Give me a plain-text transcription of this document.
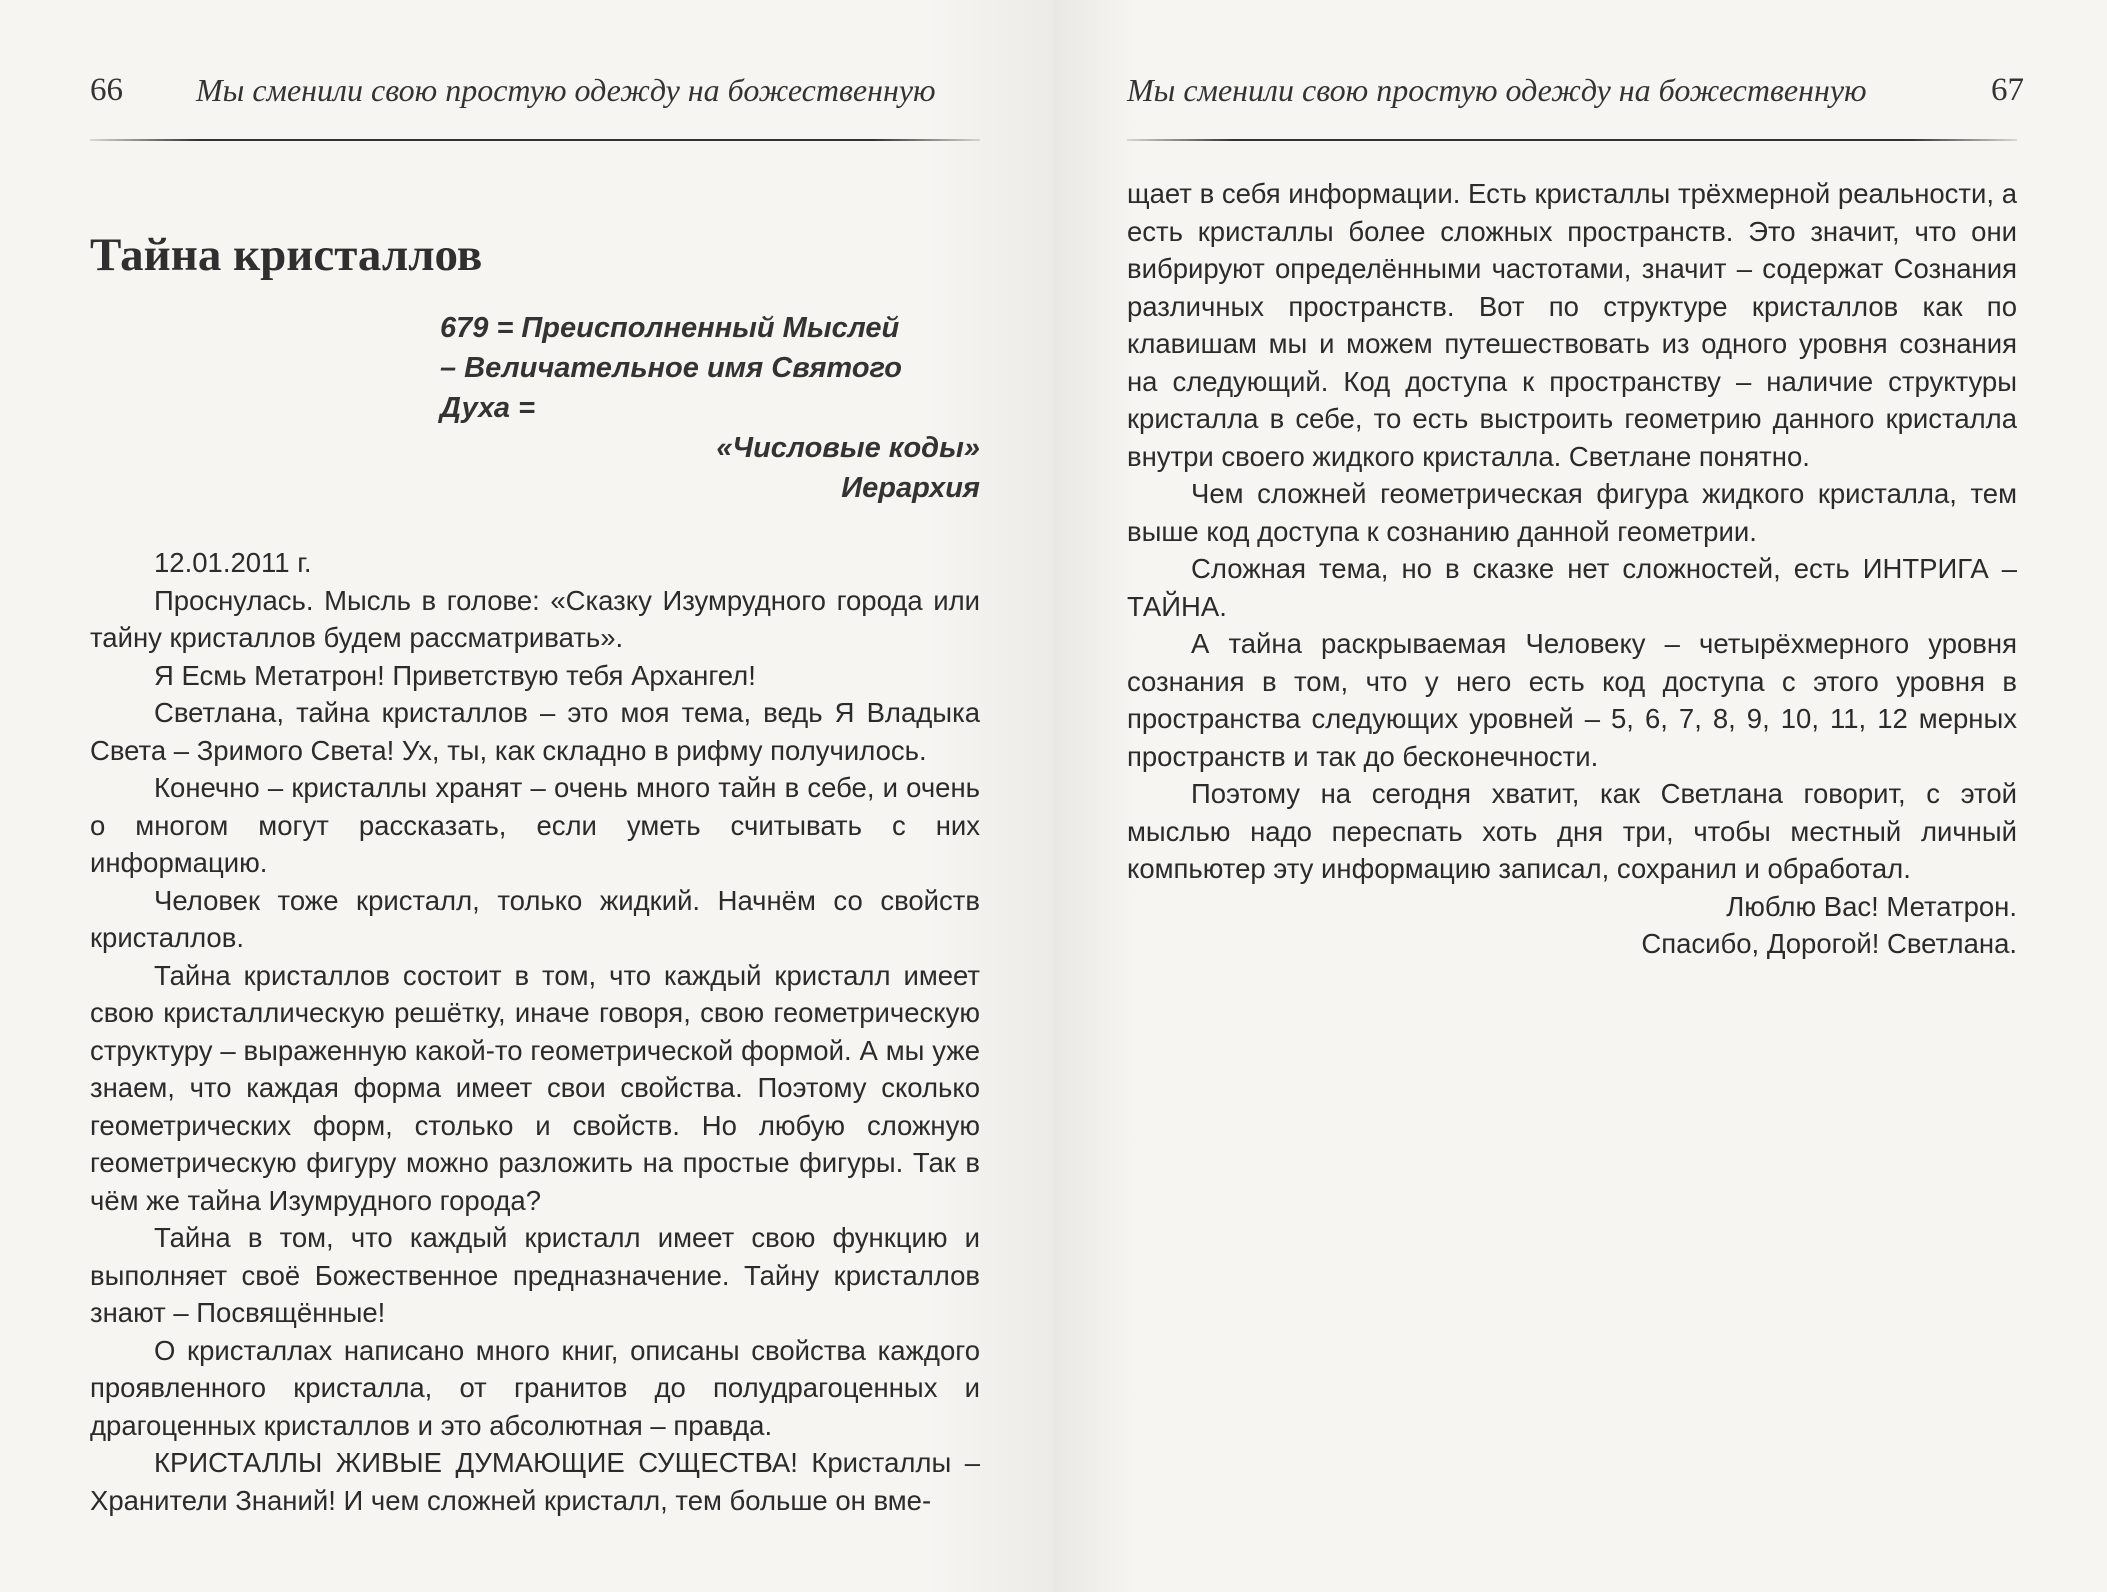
66 Мы сменили свою простую одежду на божественную
Тайна кристаллов
679 = Преисполненный Мыслей
– Величательное имя Святого
Духа =
«Числовые коды»
Иерархия

12.01.2011 г.

Проснулась. Мысль в голове: «Сказку Изумрудного города или тайну кристаллов будем рассматривать».

Я Есмь Метатрон! Приветствую тебя Архангел!

Светлана, тайна кристаллов – это моя тема, ведь Я Владыка Света – Зримого Света! Ух, ты, как складно в рифму получилось.

Конечно – кристаллы хранят – очень много тайн в себе, и очень о многом могут рассказать, если уметь считывать с них информацию.

Человек тоже кристалл, только жидкий. Начнём со свойств кристаллов.

Тайна кристаллов состоит в том, что каждый кристалл имеет свою кристаллическую решётку, иначе говоря, свою геометрическую структуру – выраженную какой-то геометрической формой. А мы уже знаем, что каждая форма имеет свои свойства. Поэтому сколько геометрических форм, столько и свойств. Но любую сложную геометрическую фигуру можно разложить на простые фигуры. Так в чём же тайна Изумрудного города?

Тайна в том, что каждый кристалл имеет свою функцию и выполняет своё Божественное предназначение. Тайну кристаллов знают – Посвящённые!

О кристаллах написано много книг, описаны свойства каждого проявленного кристалла, от гранитов до полудрагоценных и драгоценных кристаллов и это абсолютная – правда.

КРИСТАЛЛЫ ЖИВЫЕ ДУМАЮЩИЕ СУЩЕСТВА! Кристаллы – Хранители Знаний! И чем сложней кристалл, тем больше он вме-

Мы сменили свою простую одежду на божественную	67

щает в себя информации. Есть кристаллы трёхмерной реальности, а есть кристаллы более сложных пространств. Это значит, что они вибрируют определёнными частотами, значит – содержат Сознания различных пространств. Вот по структуре кристаллов как по клавишам мы и можем путешествовать из одного уровня сознания на следующий. Код доступа к пространству – наличие структуры кристалла в себе, то есть выстроить геометрию данного кристалла внутри своего жидкого кристалла. Светлане понятно.

Чем сложней геометрическая фигура жидкого кристалла, тем выше код доступа к сознанию данной геометрии.

Сложная тема, но в сказке нет сложностей, есть ИНТРИГА – ТАЙНА.

А тайна раскрываемая Человеку – четырёхмерного уровня сознания в том, что у него есть код доступа с этого уровня в пространства следующих уровней – 5, 6, 7, 8, 9, 10, 11, 12 мерных пространств и так до бесконечности.

Поэтому на сегодня хватит, как Светлана говорит, с этой мыслью надо переспать хоть дня три, чтобы местный личный компьютер эту информацию записал, сохранил и обработал.

Люблю Вас! Метатрон.

Спасибо, Дорогой! Светлана.
